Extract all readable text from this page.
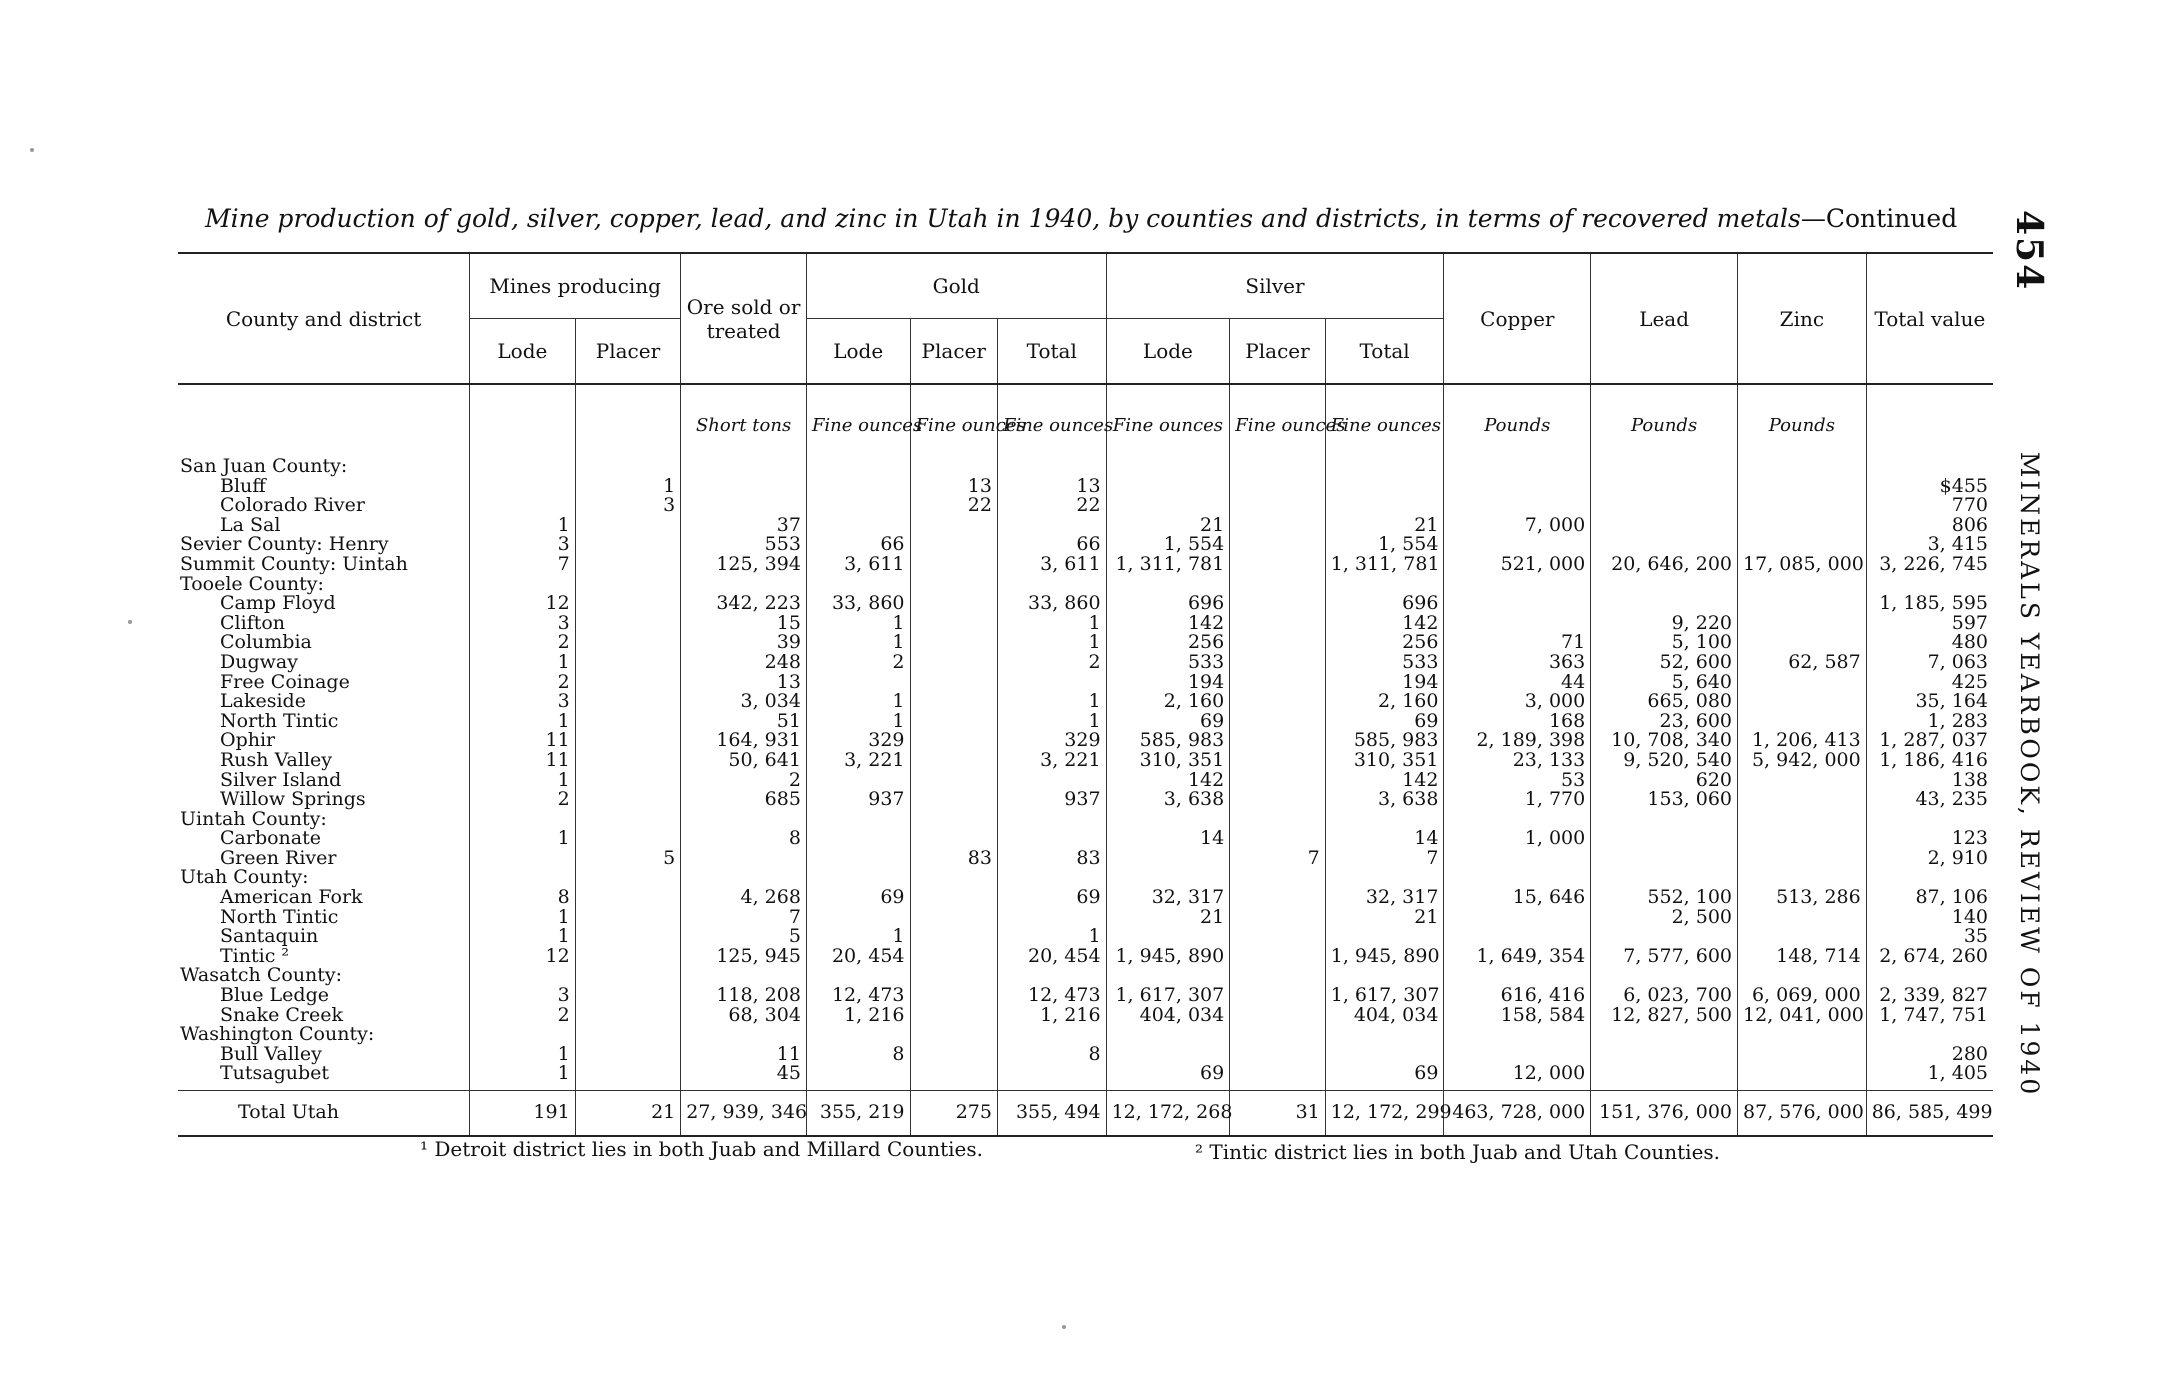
Mine production of gold, silver, copper, lead, and zinc in Utah in 1940, by counties and districts, in terms of recovered metals—Continued
County and district	Mines producing		Ore sold or treated	Gold			Silver			Copper	Lead	Zinc	Total value
	Lode	Placer		Lode	Placer	Total	Lode	Placer	Total				
			Short tons	Fine ounces	Fine ounces	Fine ounces	Fine ounces	Fine ounces	Fine ounces	Pounds	Pounds	Pounds	
San Juan County:													
Bluff		1			13	13							$455
Colorado River		3			22	22							770
La Sal	1		37				21		21	7, 000			806
Sevier County: Henry	3		553	66		66	1, 554		1, 554				3, 415
Summit County: Uintah	7		125, 394	3, 611		3, 611	1, 311, 781		1, 311, 781	521, 000	20, 646, 200	17, 085, 000	3, 226, 745
Tooele County:													
Camp Floyd	12		342, 223	33, 860		33, 860	696		696				1, 185, 595
Clifton	3		15	1		1	142		142		9, 220		597
Columbia	2		39	1		1	256		256	71	5, 100		480
Dugway	1		248	2		2	533		533	363	52, 600	62, 587	7, 063
Free Coinage	2		13				194		194	44	5, 640		425
Lakeside	3		3, 034	1		1	2, 160		2, 160	3, 000	665, 080		35, 164
North Tintic	1		51	1		1	69		69	168	23, 600		1, 283
Ophir	11		164, 931	329		329	585, 983		585, 983	2, 189, 398	10, 708, 340	1, 206, 413	1, 287, 037
Rush Valley	11		50, 641	3, 221		3, 221	310, 351		310, 351	23, 133	9, 520, 540	5, 942, 000	1, 186, 416
Silver Island	1		2				142		142	53	620		138
Willow Springs	2		685	937		937	3, 638		3, 638	1, 770	153, 060		43, 235
Uintah County:													
Carbonate	1		8				14		14	1, 000			123
Green River		5			83	83		7	7				2, 910
Utah County:													
American Fork	8		4, 268	69		69	32, 317		32, 317	15, 646	552, 100	513, 286	87, 106
North Tintic	1		7				21		21		2, 500		140
Santaquin	1		5	1		1							35
Tintic ²	12		125, 945	20, 454		20, 454	1, 945, 890		1, 945, 890	1, 649, 354	7, 577, 600	148, 714	2, 674, 260
Wasatch County:													
Blue Ledge	3		118, 208	12, 473		12, 473	1, 617, 307		1, 617, 307	616, 416	6, 023, 700	6, 069, 000	2, 339, 827
Snake Creek	2		68, 304	1, 216		1, 216	404, 034		404, 034	158, 584	12, 827, 500	12, 041, 000	1, 747, 751
Washington County:													
Bull Valley	1		11	8		8							280
Tutsagubet	1		45				69		69	12, 000			1, 405

Total Utah	191	21	27, 939, 346	355, 219	275	355, 494	12, 172, 268	31	12, 172, 299	463, 728, 000	151, 376, 000	87, 576, 000	86, 585, 499
¹ Detroit district lies in both Juab and Millard Counties.	² Tintic district lies in both Juab and Utah Counties.
454 MINERALS YEARBOOK, REVIEW OF 1940
